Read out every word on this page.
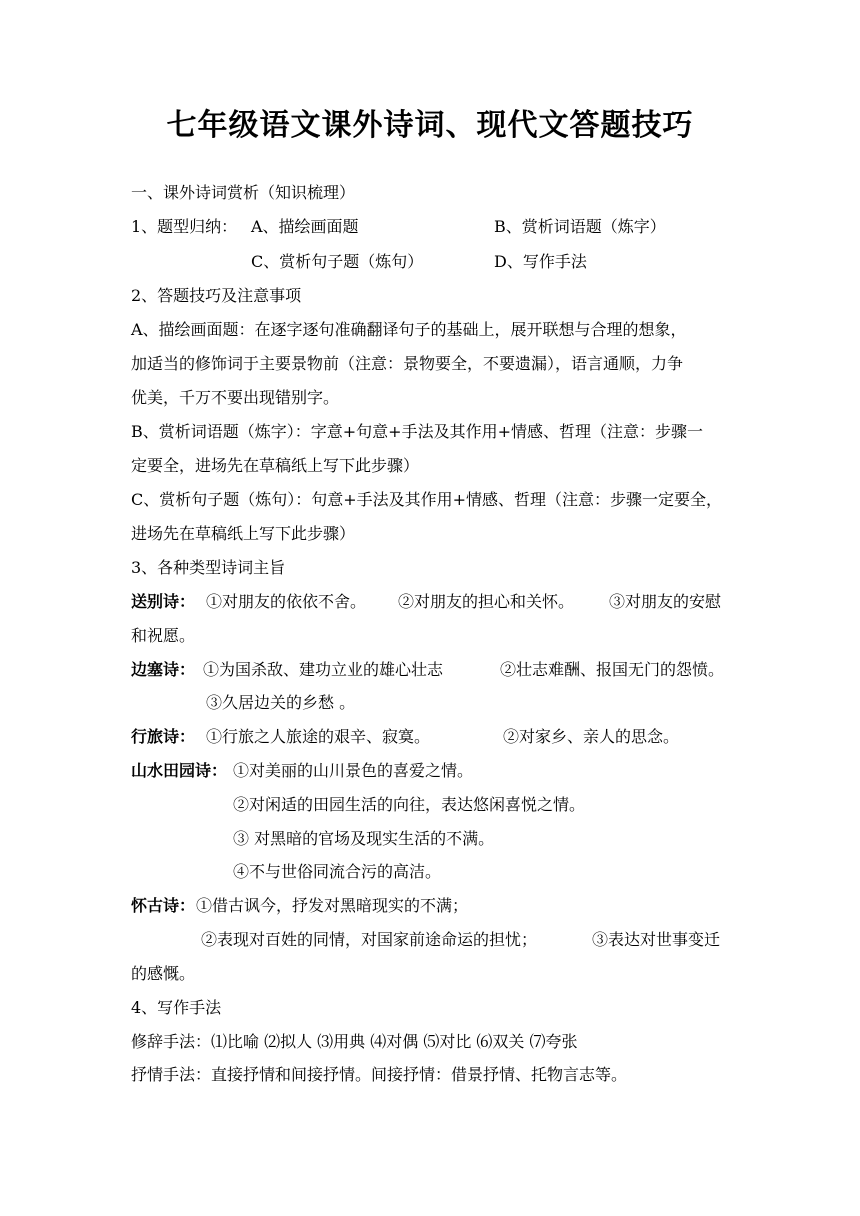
七年级语文课外诗词、现代文答题技巧
一、课外诗词赏析（知识梳理）
1、题型归纳： A、描绘画面题	B、赏析词语题（炼字）
C、赏析句子题（炼句）	D、写作手法
2、答题技巧及注意事项
A、描绘画面题：在逐字逐句准确翻译句子的基础上，展开联想与合理的想象，
加适当的修饰词于主要景物前（注意：景物要全，不要遗漏），语言通顺，力争
优美，千万不要出现错别字。
B、赏析词语题（炼字）：字意+句意+手法及其作用+情感、哲理（注意：步骤一
定要全，进场先在草稿纸上写下此步骤）
C、赏析句子题（炼句）：句意+手法及其作用+情感、哲理（注意：步骤一定要全，
进场先在草稿纸上写下此步骤）
3、各种类型诗词主旨
送别诗： ①对朋友的依依不舍。 ②对朋友的担心和关怀。 ③对朋友的安慰
和祝愿。
边塞诗： ①为国杀敌、建功立业的雄心壮志	②壮志难酬、报国无门的怨愤。
③久居边关的乡愁 。
行旅诗： ①行旅之人旅途的艰辛、寂寞。	②对家乡、亲人的思念。
山水田园诗： ①对美丽的山川景色的喜爱之情。
②对闲适的田园生活的向往，表达悠闲喜悦之情。
③ 对黑暗的官场及现实生活的不满。
④不与世俗同流合污的高洁。
怀古诗： ①借古讽今，抒发对黑暗现实的不满；
②表现对百姓的同情，对国家前途命运的担忧；	③表达对世事变迁
的感慨。
4、写作手法
修辞手法：⑴比喻 ⑵拟人 ⑶用典 ⑷对偶 ⑸对比 ⑹双关 ⑺夸张
抒情手法：直接抒情和间接抒情。间接抒情：借景抒情、托物言志等。
